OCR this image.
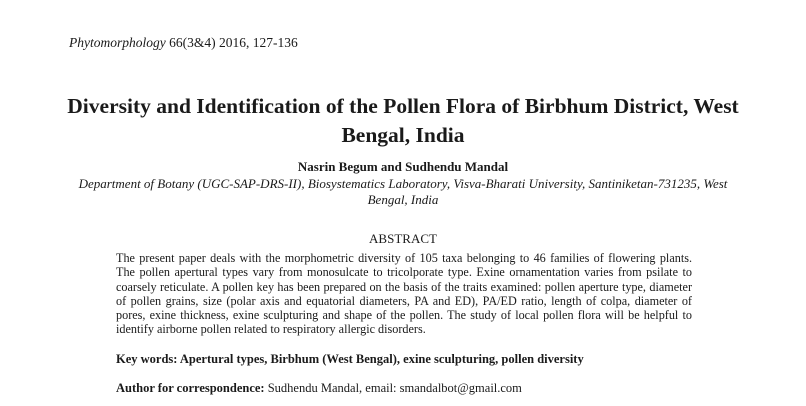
Phytomorphology 66(3&4) 2016, 127-136
Diversity and Identification of the Pollen Flora of Birbhum District, West Bengal, India
Nasrin Begum and Sudhendu Mandal
Department of Botany (UGC-SAP-DRS-II), Biosystematics Laboratory, Visva-Bharati University, Santiniketan-731235, West Bengal, India
ABSTRACT
The present paper deals with the morphometric diversity of 105 taxa belonging to 46 families of flowering plants. The pollen apertural types vary from monosulcate to tricolporate type. Exine ornamentation varies from psilate to coarsely reticulate. A pollen key has been prepared on the basis of the traits examined: pollen aperture type, diameter of pollen grains, size (polar axis and equatorial diameters, PA and ED), PA/ED ratio, length of colpa, diameter of pores, exine thickness, exine sculpturing and shape of the pollen. The study of local pollen flora will be helpful to identify airborne pollen related to respiratory allergic disorders.
Key words: Apertural types, Birbhum (West Bengal), exine sculpturing, pollen diversity
Author for correspondence: Sudhendu Mandal, email: smandalbot@gmail.com
